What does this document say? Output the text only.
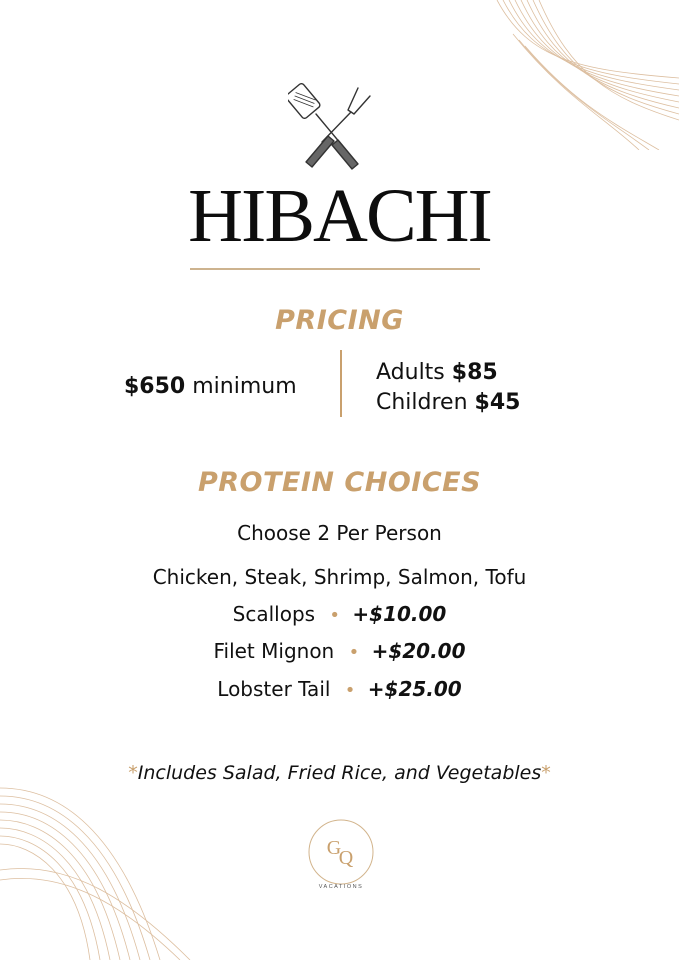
HIBACHI
PRICING
$650 minimum
Adults $85
Children $45
PROTEIN CHOICES
Choose 2 Per Person
Chicken, Steak, Shrimp, Salmon, Tofu
Scallops • +$10.00
Filet Mignon • +$20.00
Lobster Tail • +$25.00
*Includes Salad, Fried Rice, and Vegetables*
G
Q
VACATIONS
